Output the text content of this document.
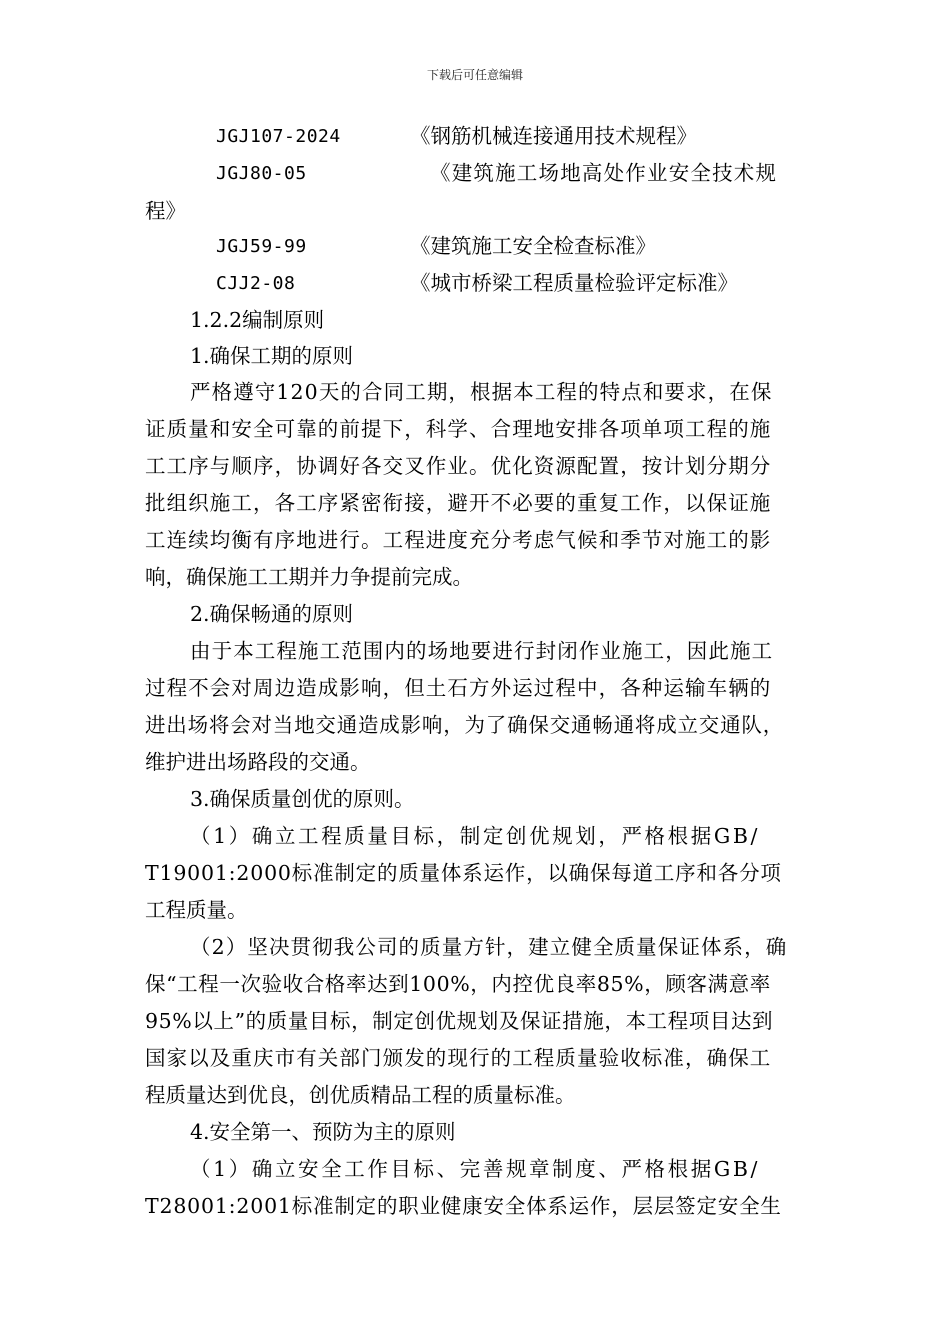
下载后可任意编辑
JGJ107-2024	《钢筋机械连接通用技术规程》
JGJ80-05	《建筑施工场地高处作业安全技术规
程》
JGJ59-99	《建筑施工安全检查标准》
CJJ2-08	《城市桥梁工程质量检验评定标准》
1.2.2编制原则
1.确保工期的原则
严格遵守120天的合同工期，根据本工程的特点和要求，在保
证质量和安全可靠的前提下，科学、合理地安排各项单项工程的施
工工序与顺序，协调好各交叉作业。优化资源配置，按计划分期分
批组织施工，各工序紧密衔接，避开不必要的重复工作，以保证施
工连续均衡有序地进行。工程进度充分考虑气候和季节对施工的影
响，确保施工工期并力争提前完成。
2.确保畅通的原则
由于本工程施工范围内的场地要进行封闭作业施工，因此施工
过程不会对周边造成影响，但土石方外运过程中，各种运输车辆的
进出场将会对当地交通造成影响，为了确保交通畅通将成立交通队，
维护进出场路段的交通。
3.确保质量创优的原则。
（1）确立工程质量目标，制定创优规划，严格根据GB/
T19001:2000标准制定的质量体系运作，以确保每道工序和各分项
工程质量。
（2）坚决贯彻我公司的质量方针，建立健全质量保证体系，确
保“工程一次验收合格率达到100%，内控优良率85%，顾客满意率
95%以上”的质量目标，制定创优规划及保证措施，本工程项目达到
国家以及重庆市有关部门颁发的现行的工程质量验收标准，确保工
程质量达到优良，创优质精品工程的质量标准。
4.安全第一、预防为主的原则
（1）确立安全工作目标、完善规章制度、严格根据GB/
T28001:2001标准制定的职业健康安全体系运作，层层签定安全生
